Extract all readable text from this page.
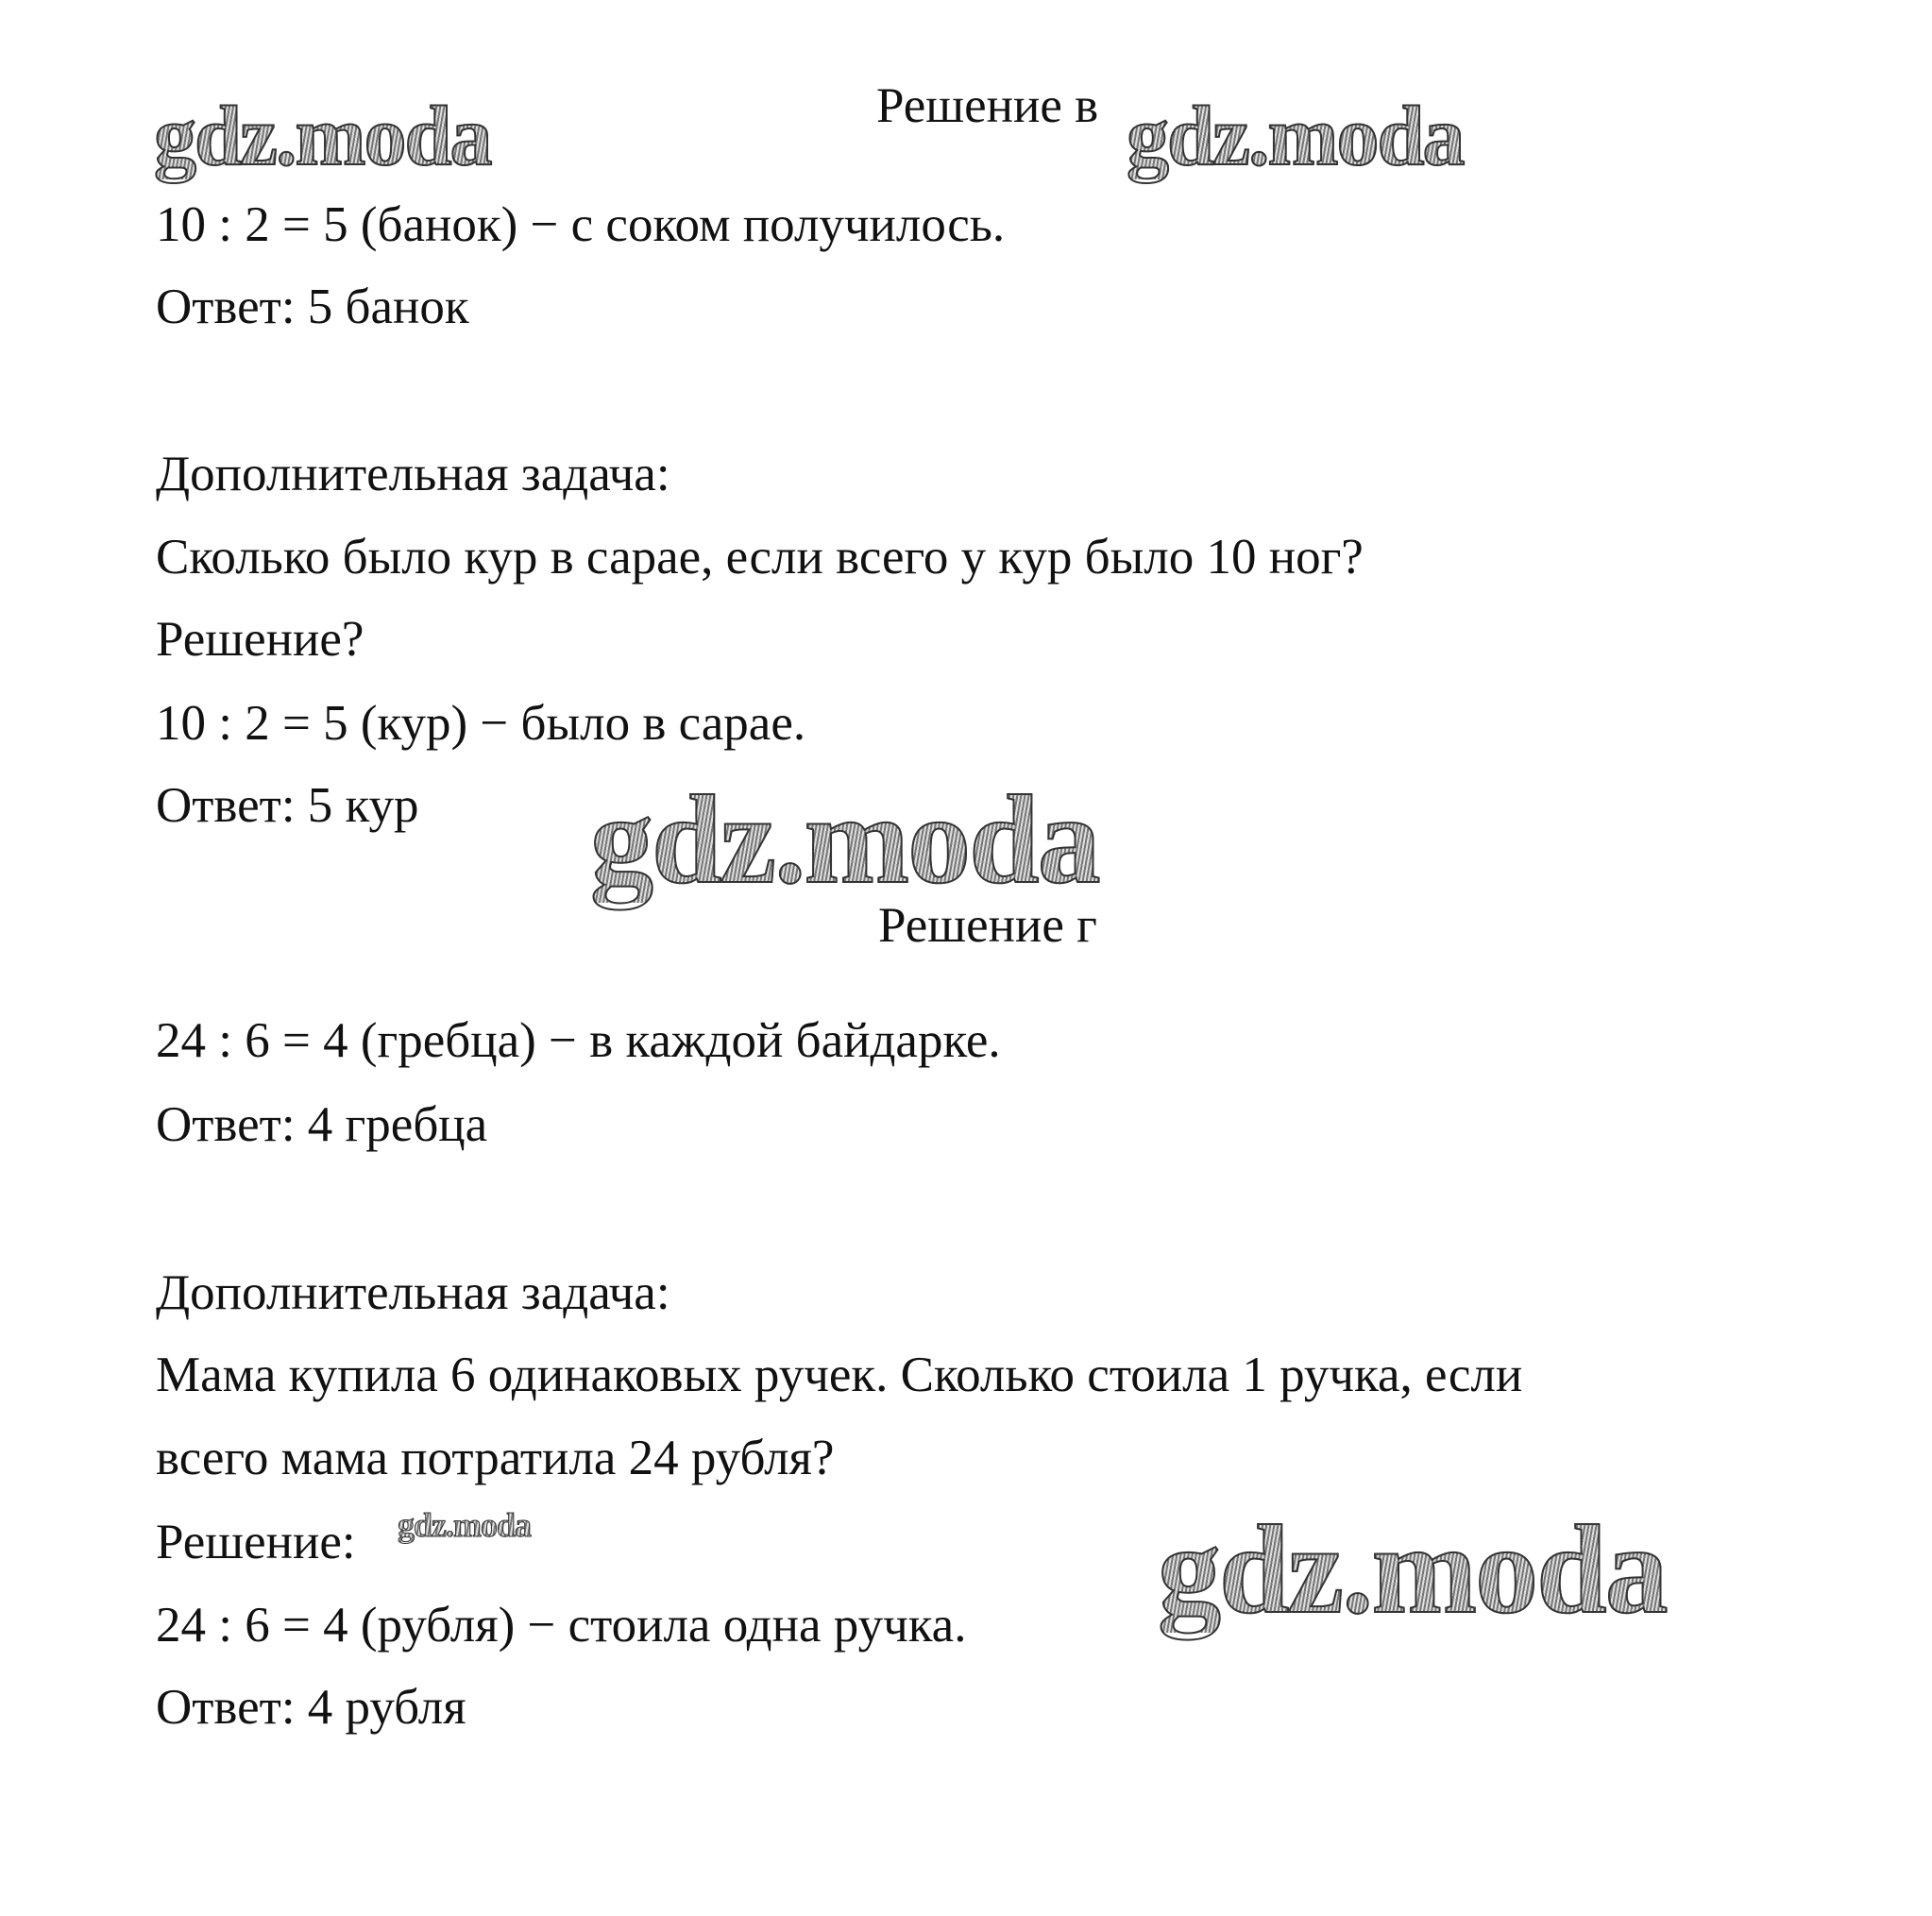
gdz.moda	Решение в gdz.moda
10 : 2 = 5 (банок) − с соком получилось.
Ответ: 5 банок
Дополнительная задача:
Сколько было кур в сарае, если всего у кур было 10 ног?
Решение?
10 : 2 = 5 (кур) − было в сарае.
Ответ: 5 кур gdz.moda
Решение г
24 : 6 = 4 (гребца) − в каждой байдарке.
Ответ: 4 гребца
Дополнительная задача:
Мама купила 6 одинаковых ручек. Сколько стоила 1 ручка, если
всего мама потратила 24 рубля?
Решение: gdz.moda	gdz.moda
24 : 6 = 4 (рубля) − стоила одна ручка.
Ответ: 4 рубля
